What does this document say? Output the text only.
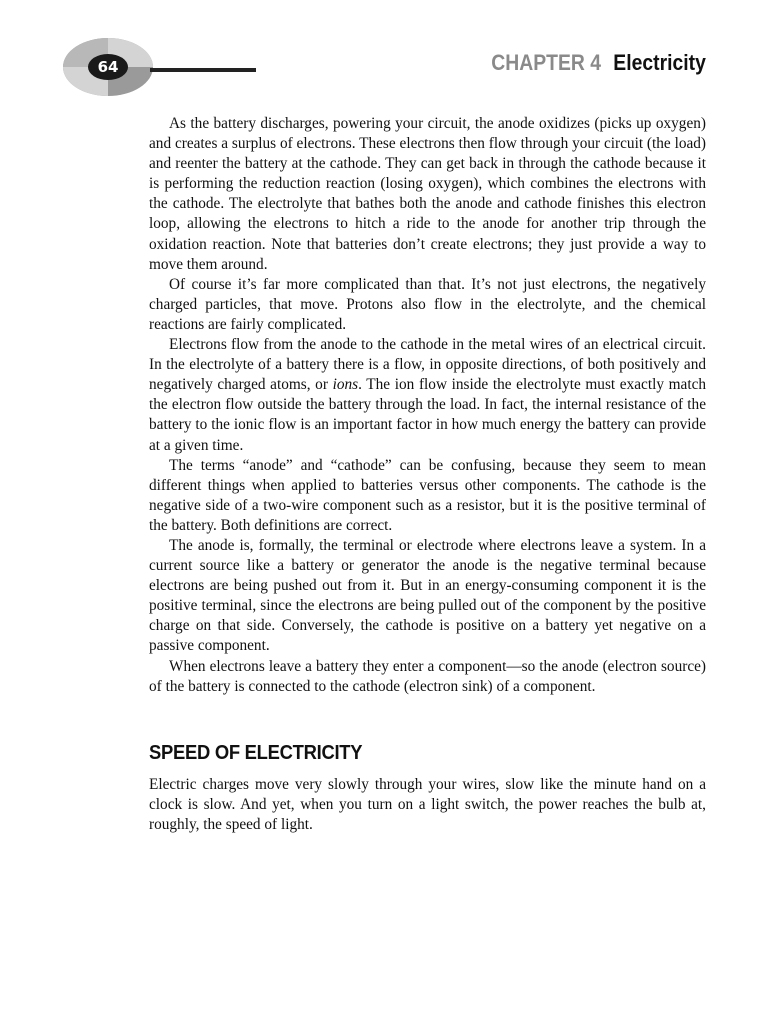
64	CHAPTER 4 Electricity

As the battery discharges, powering your circuit, the anode oxidizes (picks up oxygen) and creates a surplus of electrons. These electrons then flow through your circuit (the load) and reenter the battery at the cathode. They can get back in through the cathode because it is performing the reduction reaction (losing oxygen), which combines the electrons with the cathode. The electrolyte that bathes both the anode and cathode finishes this electron loop, allowing the electrons to hitch a ride to the anode for another trip through the oxidation reaction. Note that batteries don’t create electrons; they just provide a way to move them around.

Of course it’s far more complicated than that. It’s not just electrons, the negatively charged particles, that move. Protons also flow in the electrolyte, and the chemical reactions are fairly complicated.

Electrons flow from the anode to the cathode in the metal wires of an electrical circuit. In the electrolyte of a battery there is a flow, in opposite directions, of both positively and negatively charged atoms, or ions. The ion flow inside the electrolyte must exactly match the electron flow outside the battery through the load. In fact, the internal resistance of the battery to the ionic flow is an important factor in how much energy the battery can provide at a given time.

The terms “anode” and “cathode” can be confusing, because they seem to mean different things when applied to batteries versus other components. The cathode is the negative side of a two-wire component such as a resistor, but it is the positive terminal of the battery. Both definitions are correct.

The anode is, formally, the terminal or electrode where electrons leave a system. In a current source like a battery or generator the anode is the negative terminal because electrons are being pushed out from it. But in an energy-consuming component it is the positive terminal, since the electrons are being pulled out of the component by the positive charge on that side. Conversely, the cathode is positive on a battery yet negative on a passive component.

When electrons leave a battery they enter a component—so the anode (electron source) of the battery is connected to the cathode (electron sink) of a component.

SPEED OF ELECTRICITY

Electric charges move very slowly through your wires, slow like the minute hand on a clock is slow. And yet, when you turn on a light switch, the power reaches the bulb at, roughly, the speed of light.
